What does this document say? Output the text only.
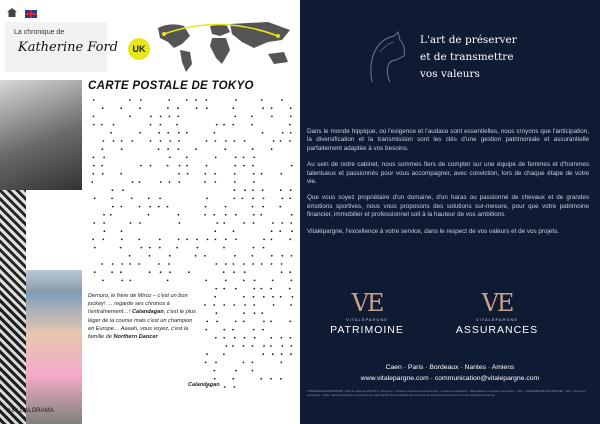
La chronique de
Katherine Ford	UK
CARTE POSTALE DE TOKYO
Demuro, le frère de Mirco – c'est un bon jockey! … regarde ses chronos à l'entraînement…! Calandagan, c'est le plus léger de la course mais c'est un champion en Europe… Aaaah, vous voyez, c'est la famille de Northern Dancer
Calandagan
18 | GALORAMA
L'art de préserver
et de transmettre
vos valeurs

Dans le monde hippique, où l'exigence et l'audace sont essentielles, nous croyons que l'anticipation, la diversification et la transmission sont les clés d'une gestion patrimoniale et assurantielle parfaitement adaptée à vos besoins.

Au sein de notre cabinet, nous sommes fiers de compter sur une équipe de femmes et d'hommes talentueux et passionnés pour vous accompagner, avec conviction, lors de chaque étape de votre vie.

Que vous soyez propriétaire d'un domaine, d'un haras ou passionné de chevaux et de grandes émotions sportives, nous vous proposons des solutions sur-mesure, pour que votre patrimoine financier, immobilier et professionnel soit à la hauteur de vos ambitions.

Vitalépargne, l'excellence à votre service, dans le respect de vos valeurs et de vos projets.

VE
VITALÉPARGNE
PATRIMOINE
VE
VITALÉPARGNE
ASSURANCES
Caen · Paris · Bordeaux · Nantes · Amiens
www.vitalepargne.com · communication@vitalepargne.com
VITALÉPARGNE PATRIMOINE · SAS au capital de 100 000 € · RCS Caen · Conseil en investissements financiers · Courtier en assurances · Intermédiaire en opérations de banque · Orias · VITALÉPARGNE ASSURANCES · SAS · Courtier en assurances · Orias · Garantie financière et assurance de responsabilité civile professionnelle conformes au Code des assurances et au Code monétaire et financier.
